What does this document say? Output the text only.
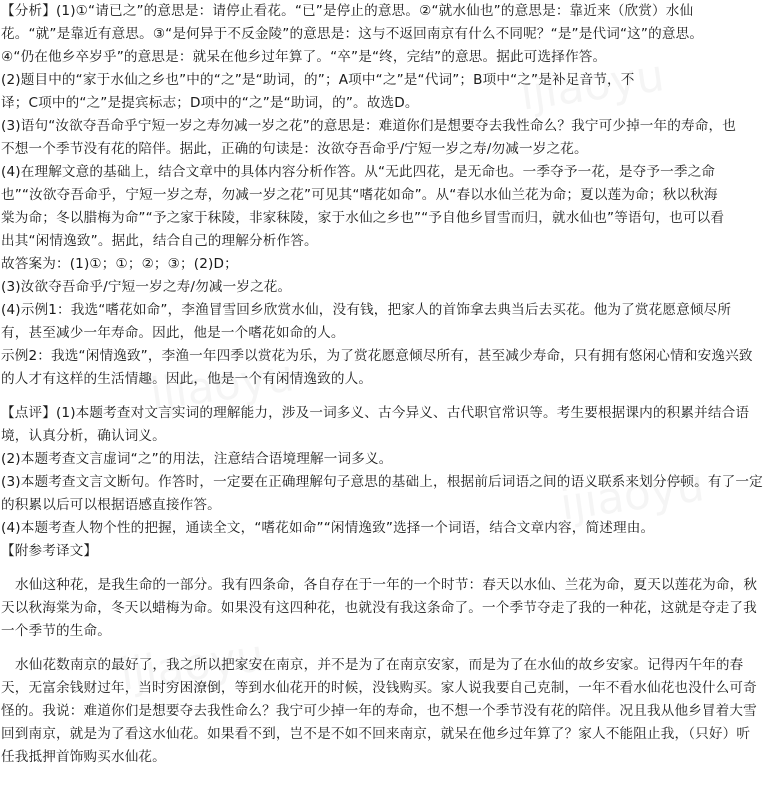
【分析】(1)①“请已之”的意思是：请停止看花。“已”是停止的意思。②“就水仙也”的意思是：靠近来（欣赏）水仙
花。“就”是靠近有意思。③“是何异于不反金陵”的意思是：这与不返回南京有什么不同呢？“是”是代词“这”的意思。
④“仍在他乡卒岁乎”的意思是：就呆在他乡过年算了。“卒”是“终，完结”的意思。据此可选择作答。
(2)题目中的“家于水仙之乡也”中的“之”是“助词，的”；A项中“之”是“代词”；B项中“之”是补足音节，不
译；C项中的“之”是提宾标志；D项中的“之”是“助词，的”。故选D。
(3)语句“汝欲夺吾命乎宁短一岁之寿勿减一岁之花”的意思是：难道你们是想要夺去我性命么？我宁可少掉一年的寿命，也
不想一个季节没有花的陪伴。据此，正确的句读是：汝欲夺吾命乎/宁短一岁之寿/勿减一岁之花。
(4)在理解文意的基础上，结合文章中的具体内容分析作答。从“无此四花，是无命也。一季夺予一花，是夺予一季之命
也”“汝欲夺吾命乎，宁短一岁之寿，勿减一岁之花”可见其“嗜花如命”。从“春以水仙兰花为命；夏以莲为命；秋以秋海
棠为命；冬以腊梅为命”“予之家于秣陵，非家秣陵，家于水仙之乡也”“予自他乡冒雪而归，就水仙也”等语句，也可以看
出其“闲情逸致”。据此，结合自己的理解分析作答。
故答案为：(1)①；①；②；③；(2)D；
(3)汝欲夺吾命乎/宁短一岁之寿/勿减一岁之花。
(4)示例1：我选“嗜花如命”，李渔冒雪回乡欣赏水仙，没有钱，把家人的首饰拿去典当后去买花。他为了赏花愿意倾尽所
有，甚至减少一年寿命。因此，他是一个嗜花如命的人。
示例2：我选“闲情逸致”，李渔一年四季以赏花为乐，为了赏花愿意倾尽所有，甚至减少寿命，只有拥有悠闲心情和安逸兴致
的人才有这样的生活情趣。因此，他是一个有闲情逸致的人。
【点评】(1)本题考查对文言实词的理解能力，涉及一词多义、古今异义、古代职官常识等。考生要根据课内的积累并结合语
境，认真分析，确认词义。
(2)本题考查文言虚词“之”的用法，注意结合语境理解一词多义。
(3)本题考查文言文断句。作答时，一定要在正确理解句子意思的基础上，根据前后词语之间的语义联系来划分停顿。有了一定
的积累以后可以根据语感直接作答。
(4)本题考查人物个性的把握，通读全文，“嗜花如命”“闲情逸致”选择一个词语，结合文章内容，简述理由。
【附参考译文】
水仙这种花，是我生命的一部分。我有四条命，各自存在于一年的一个时节：春天以水仙、兰花为命，夏天以莲花为命，秋
天以秋海棠为命，冬天以蜡梅为命。如果没有这四种花，也就没有我这条命了。一个季节夺走了我的一种花，这就是夺走了我
一个季节的生命。
水仙花数南京的最好了，我之所以把家安在南京，并不是为了在南京安家，而是为了在水仙的故乡安家。记得丙午年的春
天，无富余钱财过年，当时穷困潦倒，等到水仙花开的时候，没钱购买。家人说我要自己克制，一年不看水仙花也没什么可奇
怪的。我说：难道你们是想要夺去我性命么？我宁可少掉一年的寿命，也不想一个季节没有花的陪伴。况且我从他乡冒着大雪
回到南京，就是为了看这水仙花。如果看不到，岂不是不如不回来南京，就呆在他乡过年算了？家人不能阻止我，（只好）听
任我抵押首饰购买水仙花。
